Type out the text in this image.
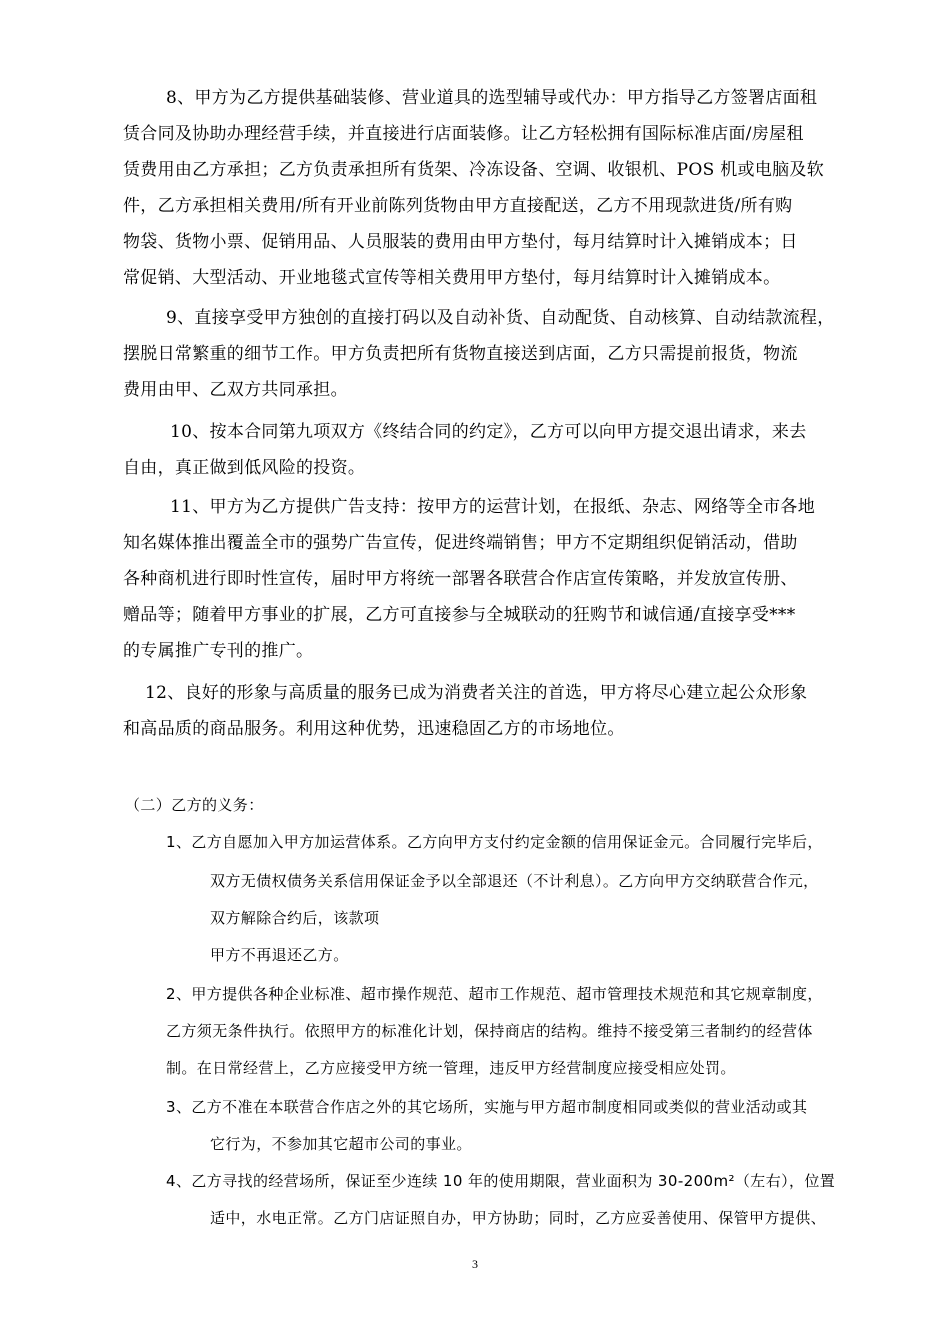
8、甲方为乙方提供基础装修、营业道具的选型辅导或代办：甲方指导乙方签署店面租
赁合同及协助办理经营手续，并直接进行店面装修。让乙方轻松拥有国际标准店面/房屋租
赁费用由乙方承担；乙方负责承担所有货架、冷冻设备、空调、收银机、POS 机或电脑及软
件，乙方承担相关费用/所有开业前陈列货物由甲方直接配送，乙方不用现款进货/所有购
物袋、货物小票、促销用品、人员服装的费用由甲方垫付，每月结算时计入摊销成本；日
常促销、大型活动、开业地毯式宣传等相关费用甲方垫付，每月结算时计入摊销成本。
9、直接享受甲方独创的直接打码以及自动补货、自动配货、自动核算、自动结款流程，
摆脱日常繁重的细节工作。甲方负责把所有货物直接送到店面，乙方只需提前报货，物流
费用由甲、乙双方共同承担。
10、按本合同第九项双方《终结合同的约定》，乙方可以向甲方提交退出请求，来去
自由，真正做到低风险的投资。
11、甲方为乙方提供广告支持：按甲方的运营计划，在报纸、杂志、网络等全市各地
知名媒体推出覆盖全市的强势广告宣传，促进终端销售；甲方不定期组织促销活动，借助
各种商机进行即时性宣传，届时甲方将统一部署各联营合作店宣传策略，并发放宣传册、
赠品等；随着甲方事业的扩展，乙方可直接参与全城联动的狂购节和诚信通/直接享受***
的专属推广专刊的推广。
12、良好的形象与高质量的服务已成为消费者关注的首选，甲方将尽心建立起公众形象
和高品质的商品服务。利用这种优势，迅速稳固乙方的市场地位。
（二）乙方的义务：
1、乙方自愿加入甲方加运营体系。乙方向甲方支付约定金额的信用保证金元。合同履行完毕后，
双方无债权债务关系信用保证金予以全部退还（不计利息）。乙方向甲方交纳联营合作元，
双方解除合约后，该款项
甲方不再退还乙方。
2、甲方提供各种企业标准、超市操作规范、超市工作规范、超市管理技术规范和其它规章制度，
乙方须无条件执行。依照甲方的标准化计划，保持商店的结构。维持不接受第三者制约的经营体
制。在日常经营上，乙方应接受甲方统一管理，违反甲方经营制度应接受相应处罚。
3、乙方不准在本联营合作店之外的其它场所，实施与甲方超市制度相同或类似的营业活动或其
它行为，不参加其它超市公司的事业。
4、乙方寻找的经营场所，保证至少连续 10 年的使用期限，营业面积为 30-200m²（左右），位置
适中，水电正常。乙方门店证照自办，甲方协助；同时，乙方应妥善使用、保管甲方提供、
3
